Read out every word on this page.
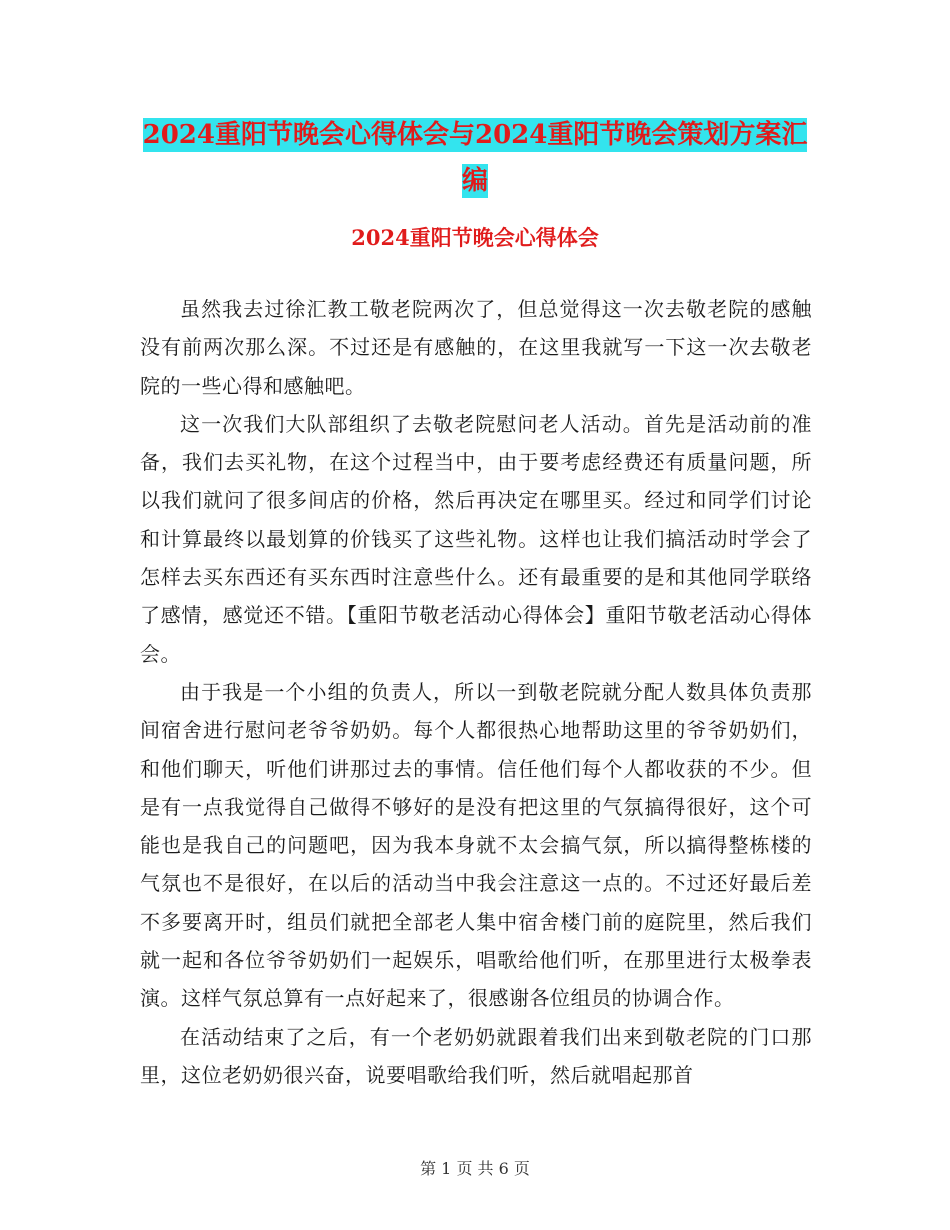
2024重阳节晚会心得体会与2024重阳节晚会策划方案汇编
2024重阳节晚会心得体会

虽然我去过徐汇教工敬老院两次了，但总觉得这一次去敬老院的感触没有前两次那么深。不过还是有感触的，在这里我就写一下这一次去敬老院的一些心得和感触吧。

这一次我们大队部组织了去敬老院慰问老人活动。首先是活动前的准备，我们去买礼物，在这个过程当中，由于要考虑经费还有质量问题，所以我们就问了很多间店的价格，然后再决定在哪里买。经过和同学们讨论和计算最终以最划算的价钱买了这些礼物。这样也让我们搞活动时学会了怎样去买东西还有买东西时注意些什么。还有最重要的是和其他同学联络了感情，感觉还不错。【重阳节敬老活动心得体会】重阳节敬老活动心得体会。

由于我是一个小组的负责人，所以一到敬老院就分配人数具体负责那间宿舍进行慰问老爷爷奶奶。每个人都很热心地帮助这里的爷爷奶奶们，和他们聊天，听他们讲那过去的事情。信任他们每个人都收获的不少。但是有一点我觉得自己做得不够好的是没有把这里的气氛搞得很好，这个可能也是我自己的问题吧，因为我本身就不太会搞气氛，所以搞得整栋楼的气氛也不是很好，在以后的活动当中我会注意这一点的。不过还好最后差不多要离开时，组员们就把全部老人集中宿舍楼门前的庭院里，然后我们就一起和各位爷爷奶奶们一起娱乐，唱歌给他们听，在那里进行太极拳表演。这样气氛总算有一点好起来了，很感谢各位组员的协调合作。

在活动结束了之后，有一个老奶奶就跟着我们出来到敬老院的门口那里，这位老奶奶很兴奋，说要唱歌给我们听，然后就唱起那首

第 1 页 共 6 页
